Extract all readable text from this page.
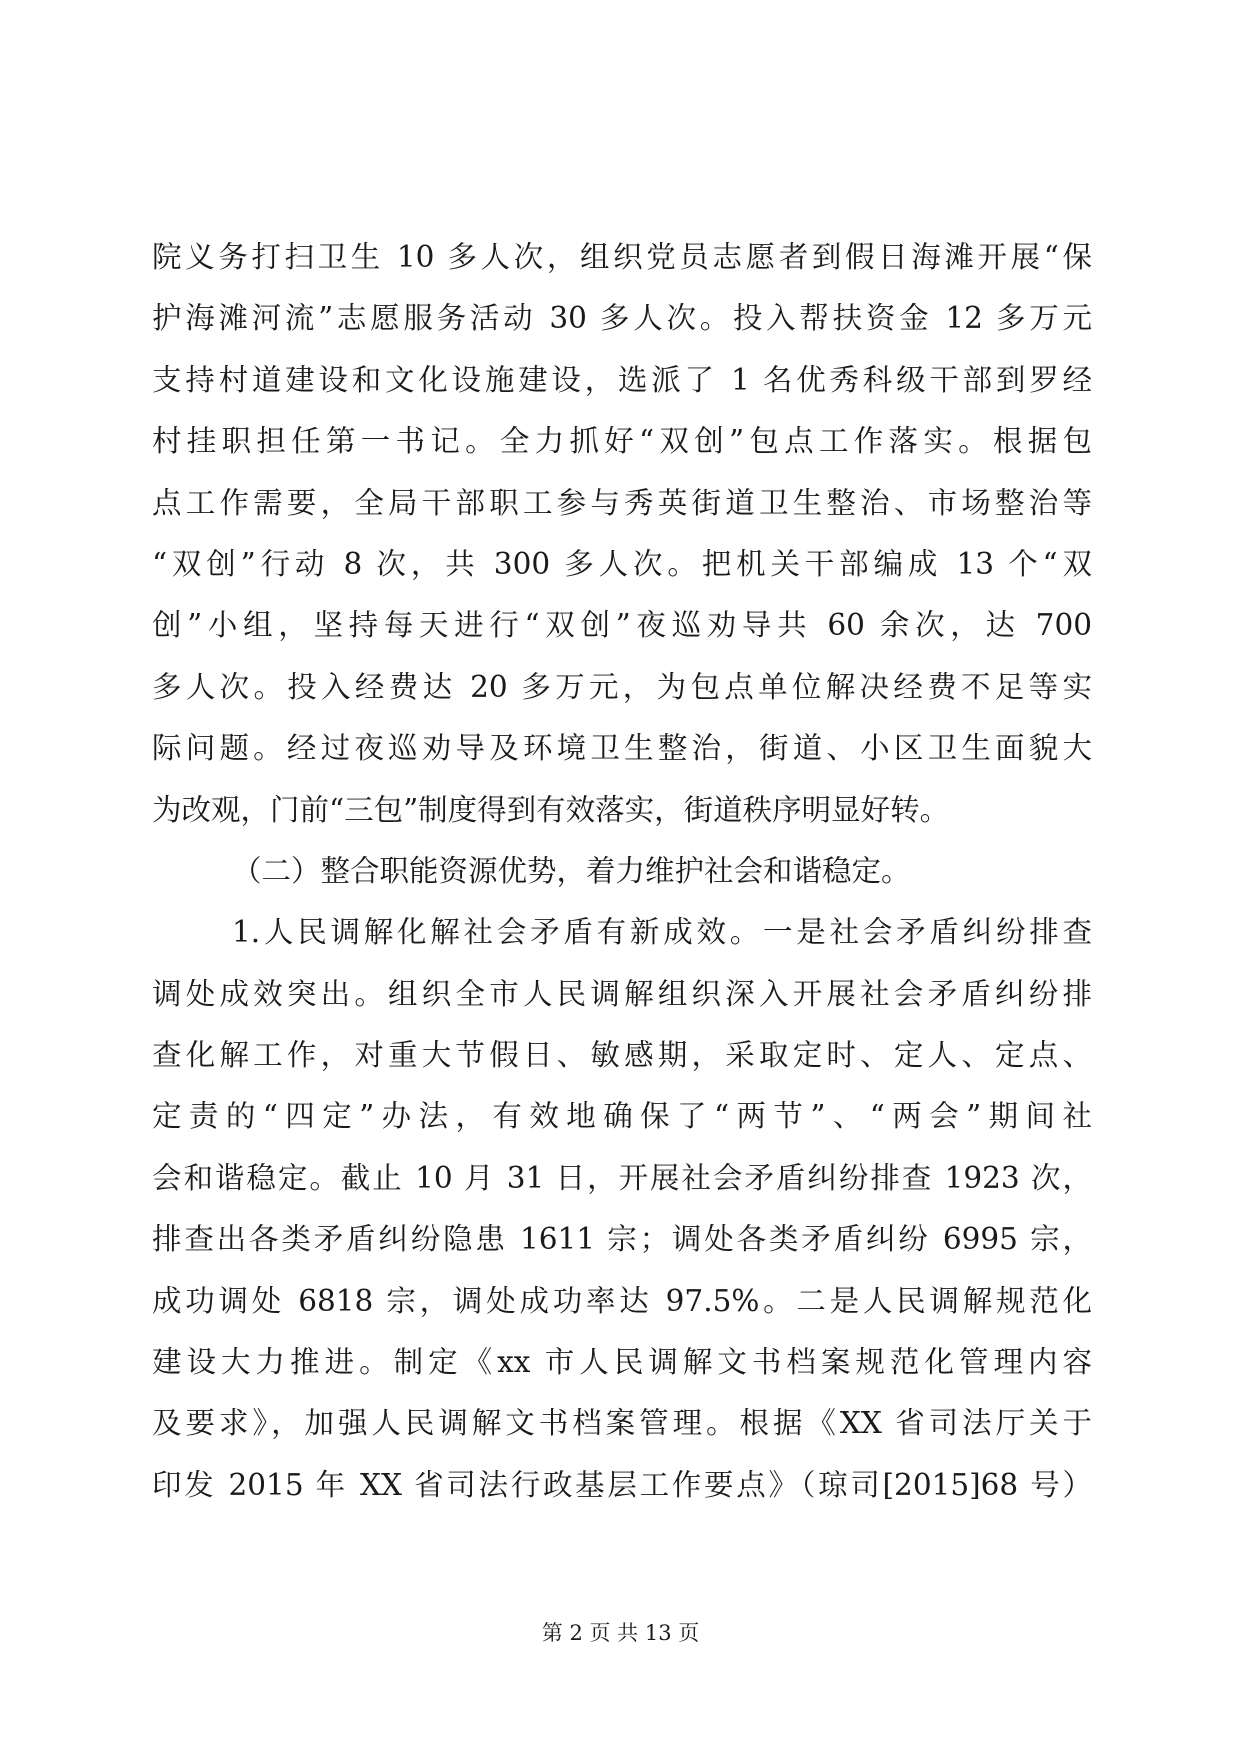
院义务打扫卫生 10 多人次，组织党员志愿者到假日海滩开展“保
护海滩河流”志愿服务活动 30 多人次。投入帮扶资金 12 多万元
支持村道建设和文化设施建设，选派了 1 名优秀科级干部到罗经
村挂职担任第一书记。全力抓好“双创”包点工作落实。根据包
点工作需要，全局干部职工参与秀英街道卫生整治、市场整治等
“双创”行动 8 次，共 300 多人次。把机关干部编成 13 个“双
创”小组，坚持每天进行“双创”夜巡劝导共 60 余次，达 700
多人次。投入经费达 20 多万元，为包点单位解决经费不足等实
际问题。经过夜巡劝导及环境卫生整治，街道、小区卫生面貌大
为改观，门前“三包”制度得到有效落实，街道秩序明显好转。
（二）整合职能资源优势，着力维护社会和谐稳定。
1.人民调解化解社会矛盾有新成效。一是社会矛盾纠纷排查
调处成效突出。组织全市人民调解组织深入开展社会矛盾纠纷排
查化解工作，对重大节假日、敏感期，采取定时、定人、定点、
定责的“四定”办法，有效地确保了“两节”、“两会”期间社
会和谐稳定。截止 10 月 31 日，开展社会矛盾纠纷排查 1923 次，
排查出各类矛盾纠纷隐患 1611 宗；调处各类矛盾纠纷 6995 宗，
成功调处 6818 宗，调处成功率达 97.5%。二是人民调解规范化
建设大力推进。制定《xx 市人民调解文书档案规范化管理内容
及要求》，加强人民调解文书档案管理。根据《XX 省司法厅关于
印发 2015 年 XX 省司法行政基层工作要点》（琼司[2015]68 号）
第 2 页 共 13 页
